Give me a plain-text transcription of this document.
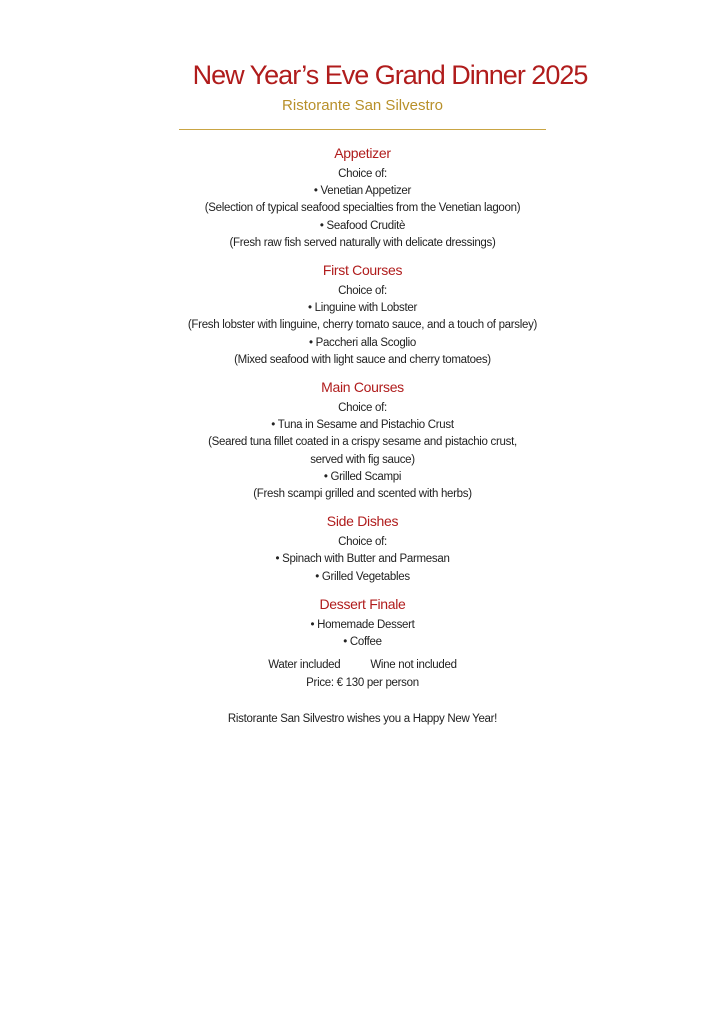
New Year’s Eve Grand Dinner 2025
Ristorante San Silvestro
Appetizer
Choice of:
• Venetian Appetizer
(Selection of typical seafood specialties from the Venetian lagoon)
• Seafood Cruditè
(Fresh raw fish served naturally with delicate dressings)
First Courses
Choice of:
• Linguine with Lobster
(Fresh lobster with linguine, cherry tomato sauce, and a touch of parsley)
• Paccheri alla Scoglio
(Mixed seafood with light sauce and cherry tomatoes)
Main Courses
Choice of:
• Tuna in Sesame and Pistachio Crust
(Seared tuna fillet coated in a crispy sesame and pistachio crust,
served with fig sauce)
• Grilled Scampi
(Fresh scampi grilled and scented with herbs)
Side Dishes
Choice of:
• Spinach with Butter and Parmesan
• Grilled Vegetables
Dessert Finale
• Homemade Dessert
• Coffee
Water included	Wine not included
Price: € 130 per person
Ristorante San Silvestro wishes you a Happy New Year!
